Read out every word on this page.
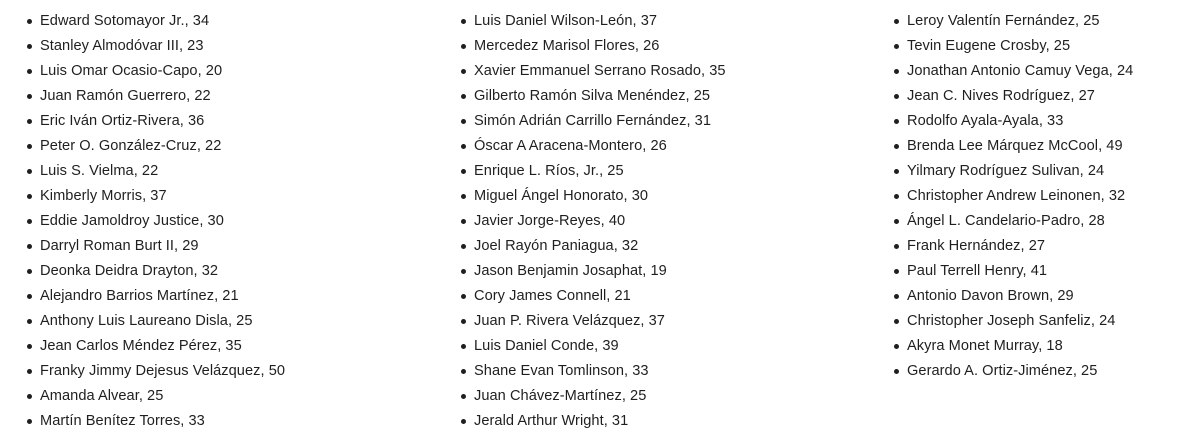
Edward Sotomayor Jr., 34
Stanley Almodóvar III, 23
Luis Omar Ocasio-Capo, 20
Juan Ramón Guerrero, 22
Eric Iván Ortiz-Rivera, 36
Peter O. González-Cruz, 22
Luis S. Vielma, 22
Kimberly Morris, 37
Eddie Jamoldroy Justice, 30
Darryl Roman Burt II, 29
Deonka Deidra Drayton, 32
Alejandro Barrios Martínez, 21
Anthony Luis Laureano Disla, 25
Jean Carlos Méndez Pérez, 35
Franky Jimmy Dejesus Velázquez, 50
Amanda Alvear, 25
Martín Benítez Torres, 33
Luis Daniel Wilson-León, 37
Mercedez Marisol Flores, 26
Xavier Emmanuel Serrano Rosado, 35
Gilberto Ramón Silva Menéndez, 25
Simón Adrián Carrillo Fernández, 31
Óscar A Aracena-Montero, 26
Enrique L. Ríos, Jr., 25
Miguel Ángel Honorato, 30
Javier Jorge-Reyes, 40
Joel Rayón Paniagua, 32
Jason Benjamin Josaphat, 19
Cory James Connell, 21
Juan P. Rivera Velázquez, 37
Luis Daniel Conde, 39
Shane Evan Tomlinson, 33
Juan Chávez-Martínez, 25
Jerald Arthur Wright, 31
Leroy Valentín Fernández, 25
Tevin Eugene Crosby, 25
Jonathan Antonio Camuy Vega, 24
Jean C. Nives Rodríguez, 27
Rodolfo Ayala-Ayala, 33
Brenda Lee Márquez McCool, 49
Yilmary Rodríguez Sulivan, 24
Christopher Andrew Leinonen, 32
Ángel L. Candelario-Padro, 28
Frank Hernández, 27
Paul Terrell Henry, 41
Antonio Davon Brown, 29
Christopher Joseph Sanfeliz, 24
Akyra Monet Murray, 18
Gerardo A. Ortiz-Jiménez, 25
